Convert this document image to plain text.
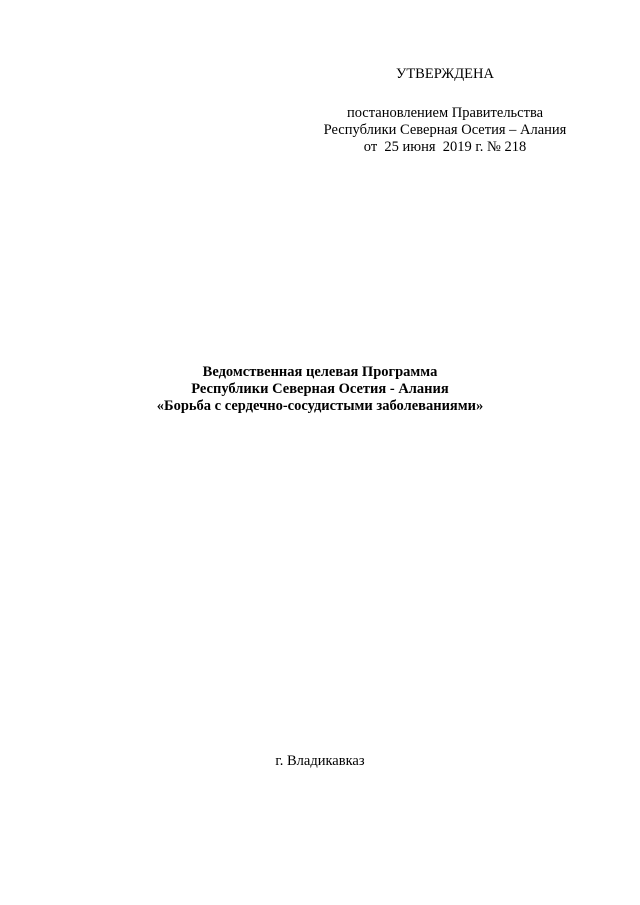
УТВЕРЖДЕНА
постановлением Правительства
Республики Северная Осетия – Алания
от  25 июня  2019 г. № 218
Ведомственная целевая Программа
Республики Северная Осетия - Алания
«Борьба с сердечно-сосудистыми заболеваниями»
г. Владикавказ
